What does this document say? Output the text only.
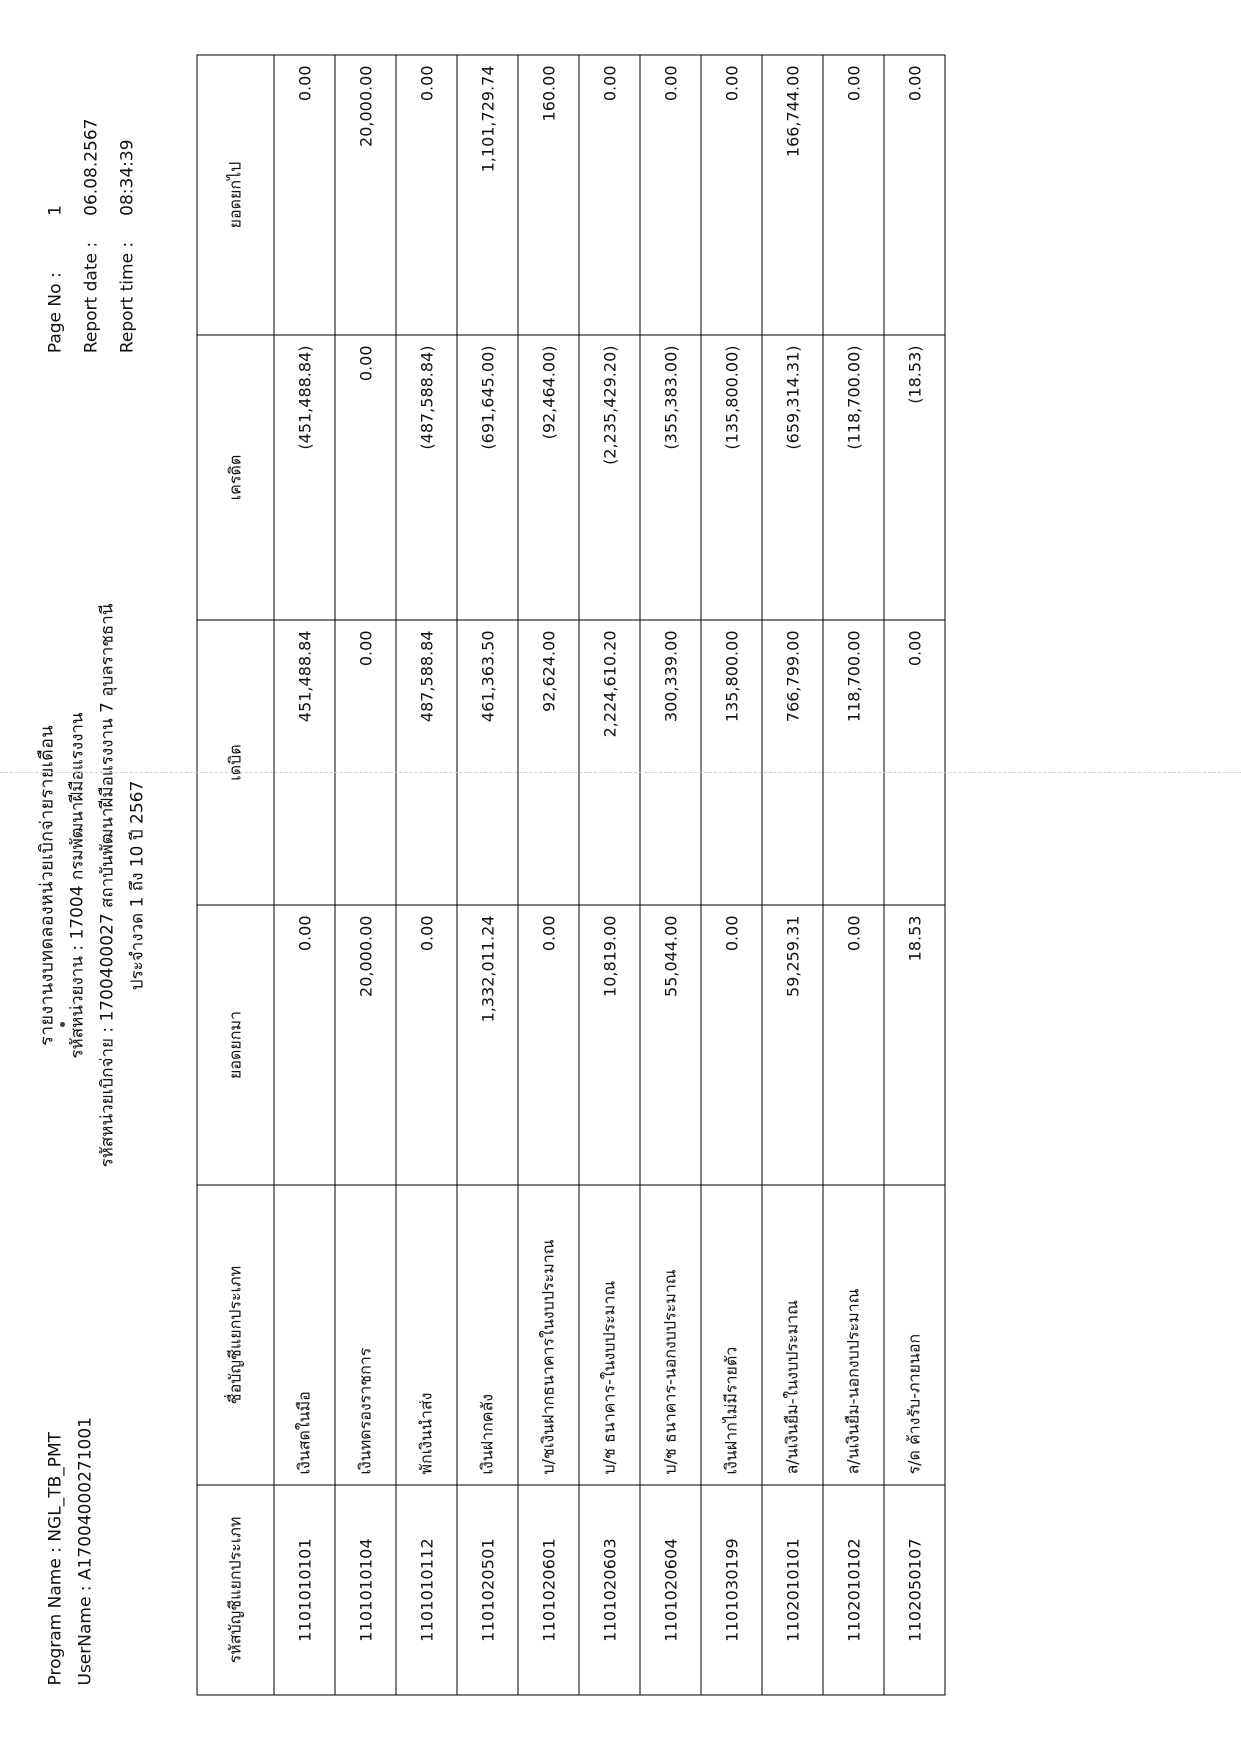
Program Name : NGL_TB_PMT
UserName : A17004000271001
รายงานงบทดลองหน่วยเบิกจ่ายรายเดือน รหัสหน่วยงาน : 17004 กรมพัฒนาฝีมือแรงงาน รหัสหน่วยเบิกจ่าย : 1700400027 สถาบันพัฒนาฝีมือแรงงาน 7 อุบลราชธานี ประจำงวด 1 ถึง 10 ปี 2567
Page No :	1
Report date :	06.08.2567
Report time :	08:34:39
รหัสบัญชีแยกประเภท	ชื่อบัญชีแยกประเภท	ยอดยกมา	เดบิต	เครดิต	ยอดยกไป
1101010101	เงินสดในมือ	0.00	451,488.84	(451,488.84)	0.00
1101010104	เงินทดรองราชการ	20,000.00	0.00	0.00	20,000.00
1101010112	พักเงินนำส่ง	0.00	487,588.84	(487,588.84)	0.00
1101020501	เงินฝากคลัง	1,332,011.24	461,363.50	(691,645.00)	1,101,729.74
1101020601	บ/ชเงินฝากธนาคารในงบประมาณ	0.00	92,624.00	(92,464.00)	160.00
1101020603	บ/ช ธนาคาร-ในงบประมาณ	10,819.00	2,224,610.20	(2,235,429.20)	0.00
1101020604	บ/ช ธนาคาร-นอกงบประมาณ	55,044.00	300,339.00	(355,383.00)	0.00
1101030199	เงินฝากไม่มีรายตัว	0.00	135,800.00	(135,800.00)	0.00
1102010101	ล/นเงินยืม-ในงบประมาณ	59,259.31	766,799.00	(659,314.31)	166,744.00
1102010102	ล/นเงินยืม-นอกงบประมาณ	0.00	118,700.00	(118,700.00)	0.00
1102050107	ร/ด ค้างรับ-ภายนอก	18.53	0.00	(18.53)	0.00
